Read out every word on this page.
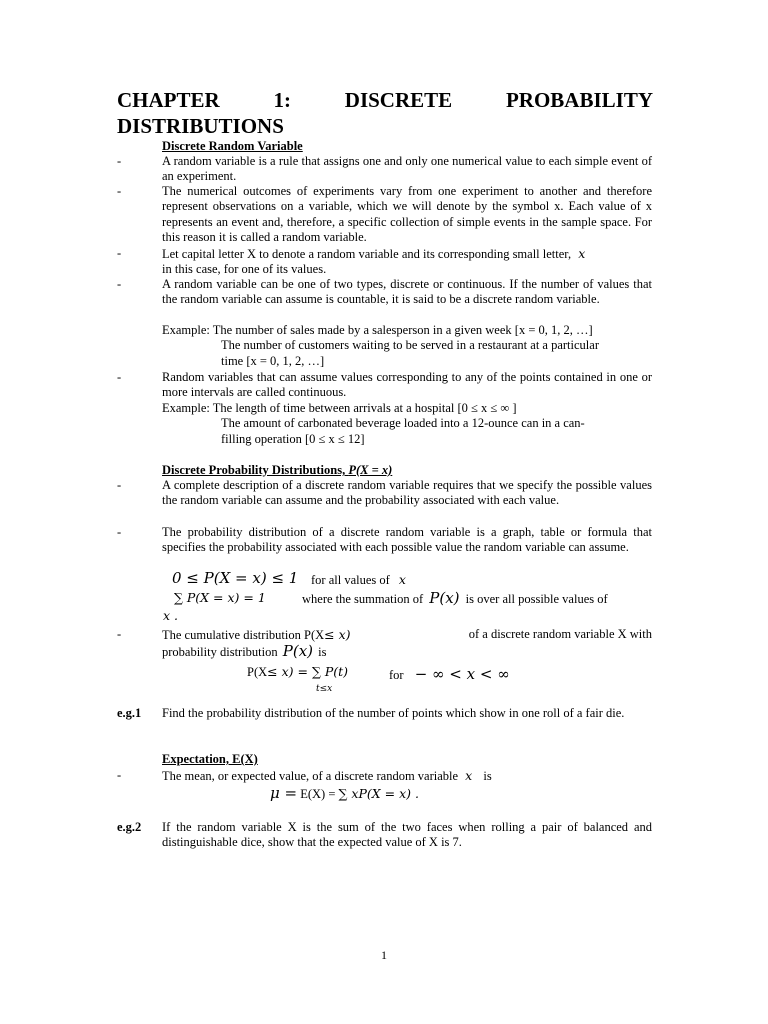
CHAPTER 1: DISCRETE PROBABILITY
DISTRIBUTIONS
Discrete Random Variable
-	A random variable is a rule that assigns one and only one numerical value to each simple event of an experiment.
-	The numerical outcomes of experiments vary from one experiment to another and therefore represent observations on a variable, which we will denote by the symbol x. Each value of x represents an event and, therefore, a specific collection of simple events in the sample space. For this reason it is called a random variable.
-	Let capital letter X to denote a random variable and its corresponding small letter, x
in this case, for one of its values.
-	A random variable can be one of two types, discrete or continuous. If the number of values that the random variable can assume is countable, it is said to be a discrete random variable.
Example: The number of sales made by a salesperson in a given week [x = 0, 1, 2, …]
The number of customers waiting to be served in a restaurant at a particular
time [x = 0, 1, 2, …]
-	Random variables that can assume values corresponding to any of the points contained in one or more intervals are called continuous.
Example: The length of time between arrivals at a hospital [0 ≤ x ≤ ∞ ]
The amount of carbonated beverage loaded into a 12-ounce can in a can-
filling operation [0 ≤ x ≤ 12]
Discrete Probability Distributions, P(X = x)
-	A complete description of a discrete random variable requires that we specify the possible values the random variable can assume and the probability associated with each value.
-	The probability distribution of a discrete random variable is a graph, table or formula that specifies the probability associated with each possible value the random variable can assume.
0 ≤ P(X = x) ≤ 1 for all values of x
∑ P(X = x) = 1	where the summation of P(x) is over all possible values of
x .
-	The cumulative distribution P(X≤ x)	of a discrete random variable X with
probability distribution P(x) is
P(X≤ x) = ∑ P(t)
t≤x
for − ∞ < x < ∞
e.g.1 Find the probability distribution of the number of points which show in one roll of a fair die.
Expectation, E(X)
-	The mean, or expected value, of a discrete random variable x is
μ = E(X) = ∑ xP(X = x) .
e.g.2 If the random variable X is the sum of the two faces when rolling a pair of balanced and distinguishable dice, show that the expected value of X is 7.
1
